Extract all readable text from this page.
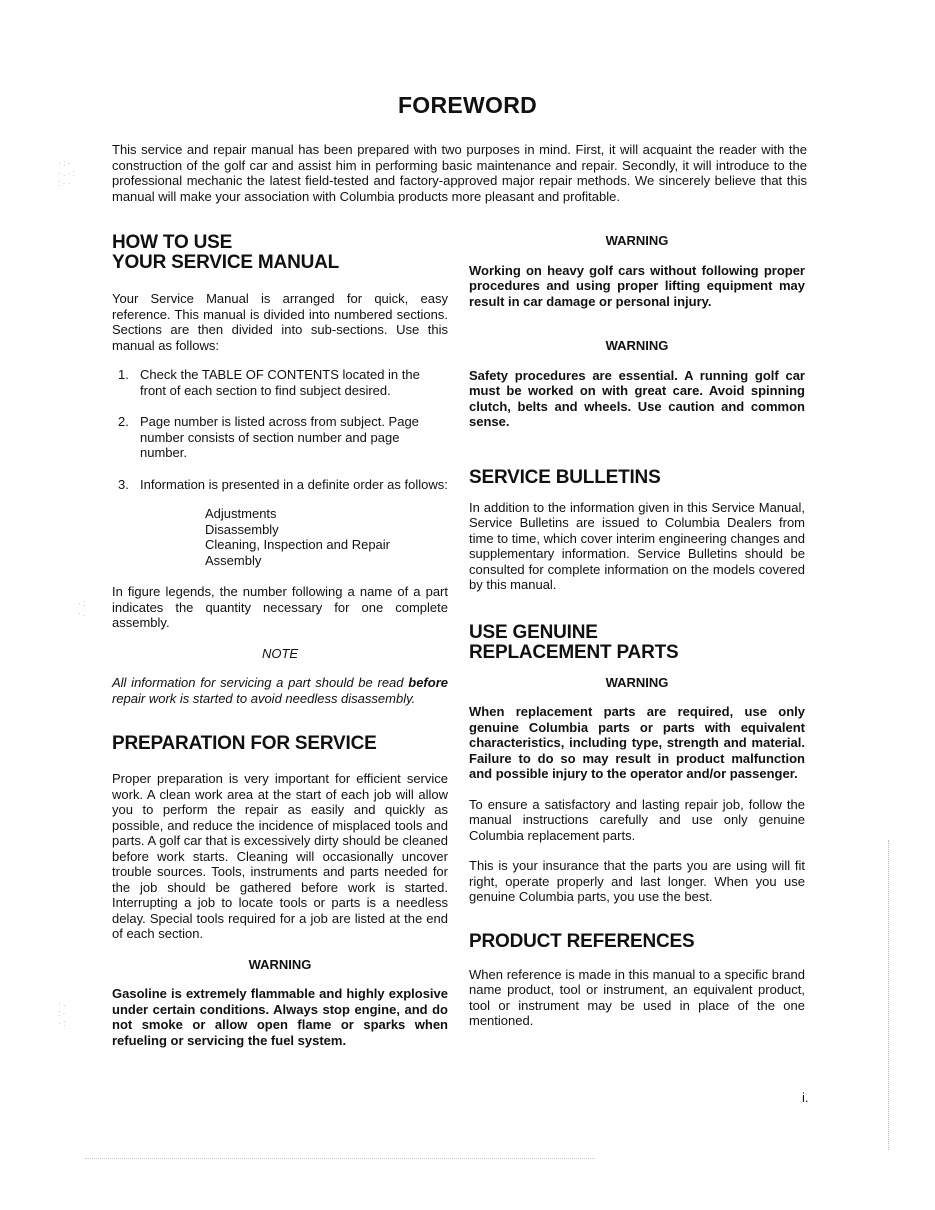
FOREWORD

This service and repair manual has been prepared with two purposes in mind. First, it will acquaint the reader with the construction of the golf car and assist him in performing basic maintenance and repair. Secondly, it will introduce to the professional mechanic the latest field-tested and factory-approved major repair methods. We sincerely believe that this manual will make your association with Columbia products more pleasant and profitable.

HOW TO USE
YOUR SERVICE MANUAL

Your Service Manual is arranged for quick, easy reference. This manual is divided into numbered sections. Sections are then divided into sub-sections. Use this manual as follows:

1. Check the TABLE OF CONTENTS located in the front of each section to find subject desired.
2. Page number is listed across from subject. Page number consists of section number and page number.
3. Information is presented in a definite order as follows:
Adjustments
Disassembly
Cleaning, Inspection and Repair
Assembly

In figure legends, the number following a name of a part indicates the quantity necessary for one complete assembly.

NOTE

All information for servicing a part should be read before repair work is started to avoid needless disassembly.

PREPARATION FOR SERVICE

Proper preparation is very important for efficient service work. A clean work area at the start of each job will allow you to perform the repair as easily and quickly as possible, and reduce the incidence of misplaced tools and parts. A golf car that is excessively dirty should be cleaned before work starts. Cleaning will occasionally uncover trouble sources. Tools, instruments and parts needed for the job should be gathered before work is started. Interrupting a job to locate tools or parts is a needless delay. Special tools required for a job are listed at the end of each section.

WARNING

Gasoline is extremely flammable and highly explosive under certain conditions. Always stop engine, and do not smoke or allow open flame or sparks when refueling or servicing the fuel system.

WARNING

Working on heavy golf cars without following proper procedures and using proper lifting equipment may result in car damage or personal injury.

WARNING

Safety procedures are essential. A running golf car must be worked on with great care. Avoid spinning clutch, belts and wheels. Use caution and common sense.

SERVICE BULLETINS

In addition to the information given in this Service Manual, Service Bulletins are issued to Columbia Dealers from time to time, which cover interim engineering changes and supplementary information. Service Bulletins should be consulted for complete information on the models covered by this manual.

USE GENUINE
REPLACEMENT PARTS

WARNING

When replacement parts are required, use only genuine Columbia parts or parts with equivalent characteristics, including type, strength and material. Failure to do so may result in product malfunction and possible injury to the operator and/or passenger.

To ensure a satisfactory and lasting repair job, follow the manual instructions carefully and use only genuine Columbia replacement parts.

This is your insurance that the parts you are using will fit right, operate properly and last longer. When you use genuine Columbia parts, you use the best.

PRODUCT REFERENCES

When reference is made in this manual to a specific brand name product, tool or instrument, an equivalent product, tool or instrument may be used in place of the one mentioned.

i.
·:·
·.·:
:··
·:
·.
·.
:·
·:
